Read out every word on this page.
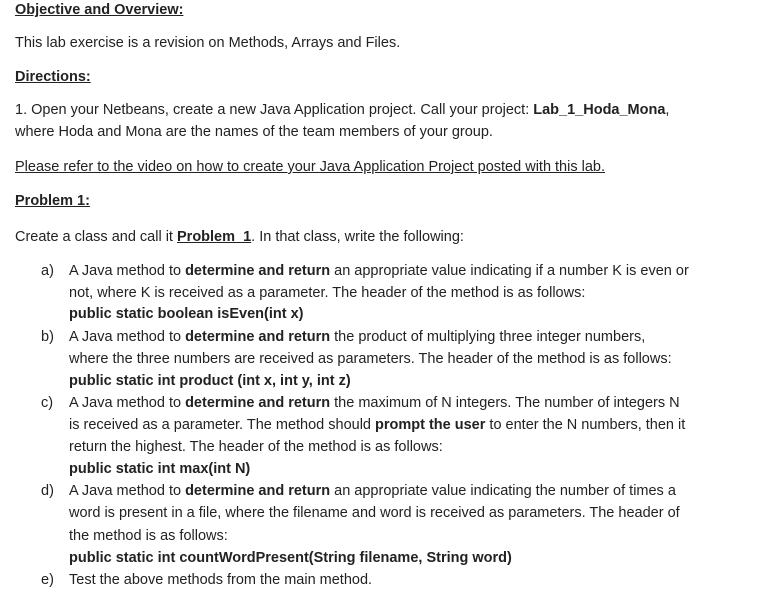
Objective and Overview:
This lab exercise is a revision on Methods, Arrays and Files.
Directions:
1. Open your Netbeans, create a new Java Application project. Call your project: Lab_1_Hoda_Mona,
where Hoda and Mona are the names of the team members of your group.
Please refer to the video on how to create your Java Application Project posted with this lab.
Problem 1:
Create a class and call it Problem_1. In that class, write the following:
a) A Java method to determine and return an appropriate value indicating if a number K is even or
not, where K is received as a parameter. The header of the method is as follows:
public static boolean isEven(int x)
b) A Java method to determine and return the product of multiplying three integer numbers,
where the three numbers are received as parameters. The header of the method is as follows:
public static int product (int x, int y, int z)
c) A Java method to determine and return the maximum of N integers. The number of integers N
is received as a parameter. The method should prompt the user to enter the N numbers, then it
return the highest. The header of the method is as follows:
public static int max(int N)
d) A Java method to determine and return an appropriate value indicating the number of times a
word is present in a file, where the filename and word is received as parameters. The header of
the method is as follows:
public static int countWordPresent(String filename, String word)
e) Test the above methods from the main method.
